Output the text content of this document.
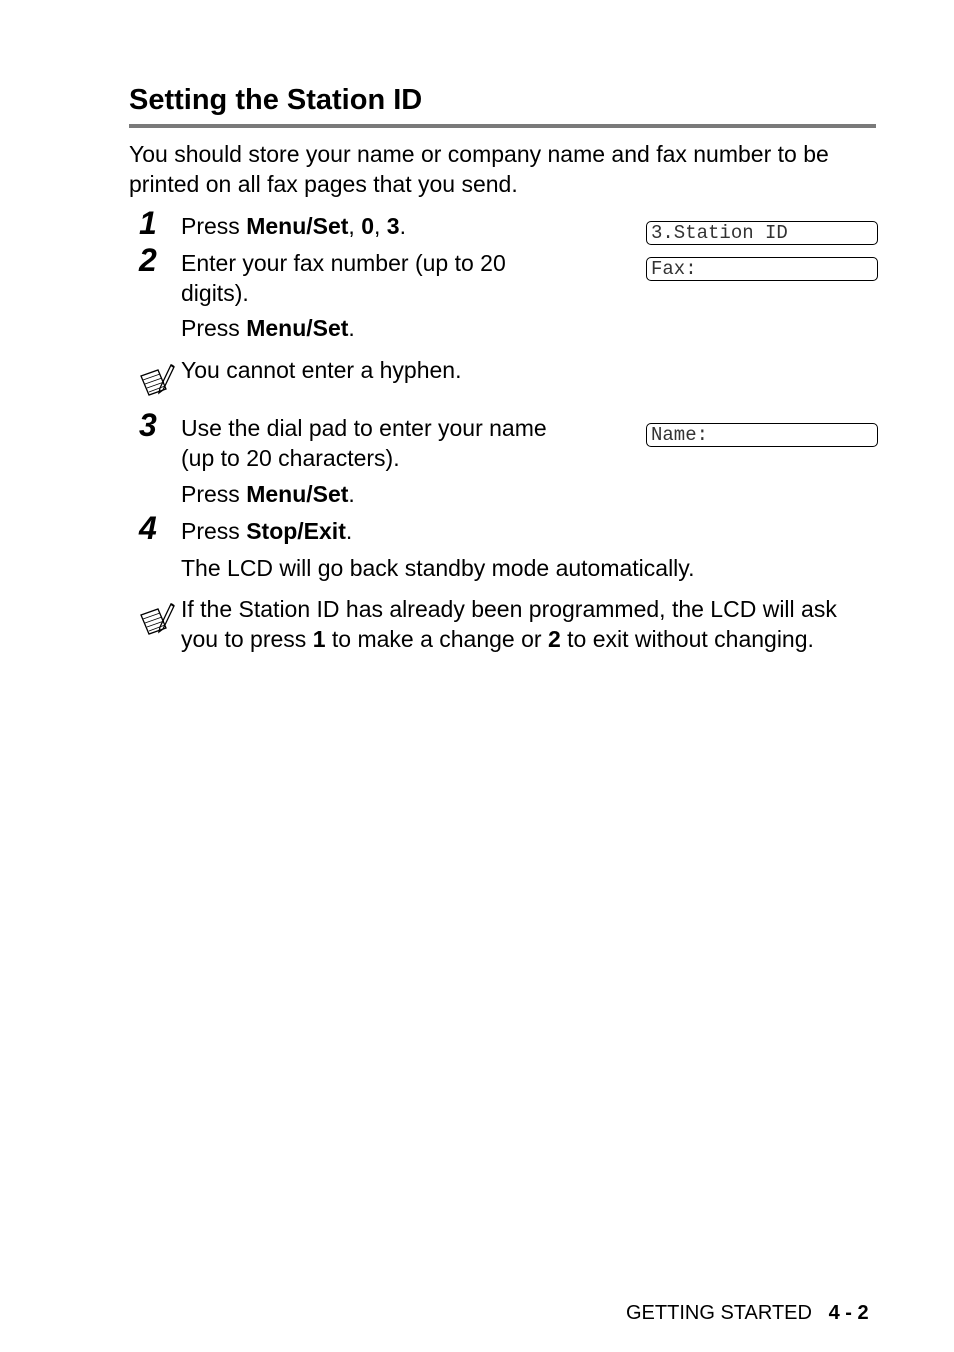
Setting the Station ID
You should store your name or company name and fax number to be
printed on all fax pages that you send.
1 Press Menu/Set, 0, 3.	3.Station ID
2 Enter your fax number (up to 20
digits).
Press Menu/Set.
Fax:
You cannot enter a hyphen.
3 Use the dial pad to enter your name
(up to 20 characters).
Press Menu/Set.
Name:
4 Press Stop/Exit.
The LCD will go back standby mode automatically.
If the Station ID has already been programmed, the LCD will ask
you to press 1 to make a change or 2 to exit without changing.
GETTING STARTED 4 - 2
